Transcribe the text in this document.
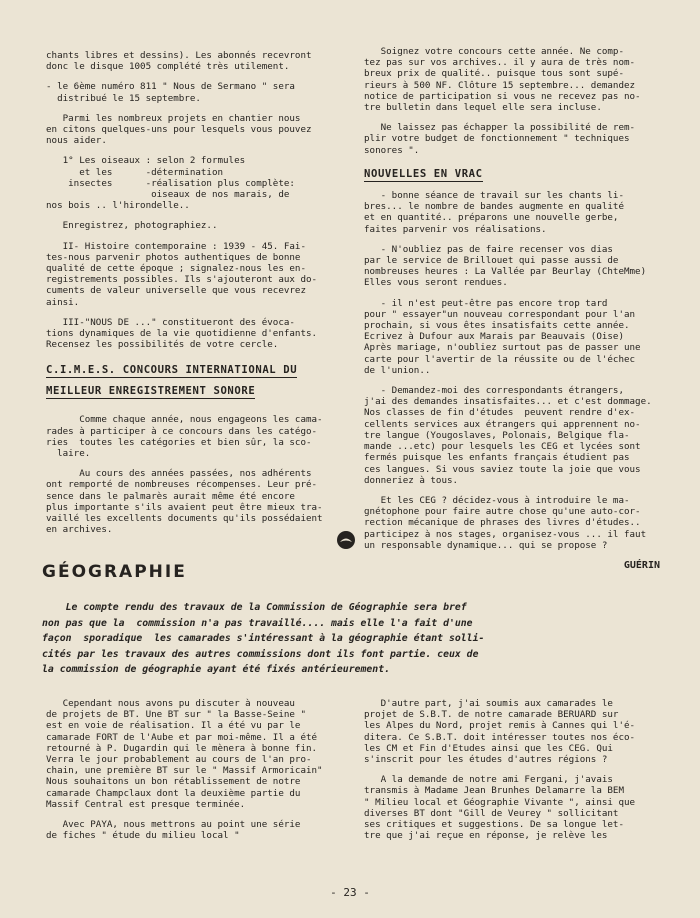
chants libres et dessins). Les abonnés recevront
donc le disque 1005 complété très utilement.

- le 6ème numéro 811 " Nous de Sermano " sera
distribué le 15 septembre.

Parmi les nombreux projets en chantier nous
en citons quelques-uns pour lesquels vous pouvez
nous aider.

1° Les oiseaux : selon 2 formules
et les      -détermination
insectes      -réalisation plus complète:
oiseaux de nos marais, de
nos bois .. l'hirondelle..

Enregistrez, photographiez..

II- Histoire contemporaine : 1939 - 45. Fai-
tes-nous parvenir photos authentiques de bonne
qualité de cette époque ; signalez-nous les en-
registrements possibles. Ils s'ajouteront aux do-
cuments de valeur universelle que vous recevrez
ainsi.

III-"NOUS DE ..." constitueront des évoca-
tions dynamiques de la vie quotidienne d'enfants.
Recensez les possibilités de votre cercle.

C.I.M.E.S. CONCOURS INTERNATIONAL DU
MEILLEUR ENREGISTREMENT SONORE

Comme chaque année, nous engageons les cama-
rades à participer à ce concours dans les catégo-
ries  toutes les catégories et bien sûr, la sco-
laire.

Au cours des années passées, nos adhérents
ont remporté de nombreuses récompenses. Leur pré-
sence dans le palmarès aurait même été encore
plus importante s'ils avaient peut être mieux tra-
vaillé les excellents documents qu'ils possédaient
en archives.

Soignez votre concours cette année. Ne comp-
tez pas sur vos archives.. il y aura de très nom-
breux prix de qualité.. puisque tous sont supé-
rieurs à 500 NF. Clôture 15 septembre... demandez
notice de participation si vous ne recevez pas no-
tre bulletin dans lequel elle sera incluse.

Ne laissez pas échapper la possibilité de rem-
plir votre budget de fonctionnement " techniques
sonores ".

NOUVELLES EN VRAC

- bonne séance de travail sur les chants li-
bres... le nombre de bandes augmente en qualité
et en quantité.. préparons une nouvelle gerbe,
faites parvenir vos réalisations.

- N'oubliez pas de faire recenser vos dias
par le service de Brillouet qui passe aussi de
nombreuses heures : La Vallée par Beurlay (ChteMme)
Elles vous seront rendues.

- il n'est peut-être pas encore trop tard
pour " essayer"un nouveau correspondant pour l'an
prochain, si vous êtes insatisfaits cette année.
Ecrivez à Dufour aux Marais par Beauvais (Oise)
Après mariage, n'oubliez surtout pas de passer une
carte pour l'avertir de la réussite ou de l'échec
de l'union..

- Demandez-moi des correspondants étrangers,
j'ai des demandes insatisfaites... et c'est dommage.
Nos classes de fin d'études  peuvent rendre d'ex-
cellents services aux étrangers qui apprennent no-
tre langue (Yougoslaves, Polonais, Belgique fla-
mande ...etc) pour lesquels les CEG et lycées sont
fermés puisque les enfants français étudient pas
ces langues. Si vous saviez toute la joie que vous
donneriez à tous.

Et les CEG ? décidez-vous à introduire le ma-
gnétophone pour faire autre chose qu'une auto-cor-
rection mécanique de phrases des livres d'études..
participez à nos stages, organisez-vous ... il faut
un responsable dynamique... qui se propose ?

GUÉRIN
GÉOGRAPHIE

Le compte rendu des travaux de la Commission de Géographie sera bref

non pas que la  commission n'a pas travaillé.... mais elle l'a fait d'une

façon  sporadique  les camarades s'intéressant à la géographie étant solli-

cités par les travaux des autres commissions dont ils font partie. ceux de

la commission de géographie ayant été fixés antérieurement.

Cependant nous avons pu discuter à nouveau
de projets de BT. Une BT sur " la Basse-Seine "
est en voie de réalisation. Il a été vu par le
camarade FORT de l'Aube et par moi-même. Il a été
retourné à P. Dugardin qui le mènera à bonne fin.
Verra le jour probablement au cours de l'an pro-
chain, une première BT sur le " Massif Armoricain"
Nous souhaitons un bon rétablissement de notre
camarade Champclaux dont la deuxième partie du
Massif Central est presque terminée.

Avec PAYA, nous mettrons au point une série
de fiches " étude du milieu local "

D'autre part, j'ai soumis aux camarades le
projet de S.B.T. de notre camarade BERUARD sur
les Alpes du Nord, projet remis à Cannes qui l'é-
ditera. Ce S.B.T. doit intéresser toutes nos éco-
les CM et Fin d'Etudes ainsi que les CEG. Qui
s'inscrit pour les études d'autres régions ?

A la demande de notre ami Fergani, j'avais
transmis à Madame Jean Brunhes Delamarre la BEM
" Milieu local et Géographie Vivante ", ainsi que
diverses BT dont "Gill de Veurey " sollicitant
ses critiques et suggestions. De sa longue let-
tre que j'ai reçue en réponse, je relève les

- 23 -
